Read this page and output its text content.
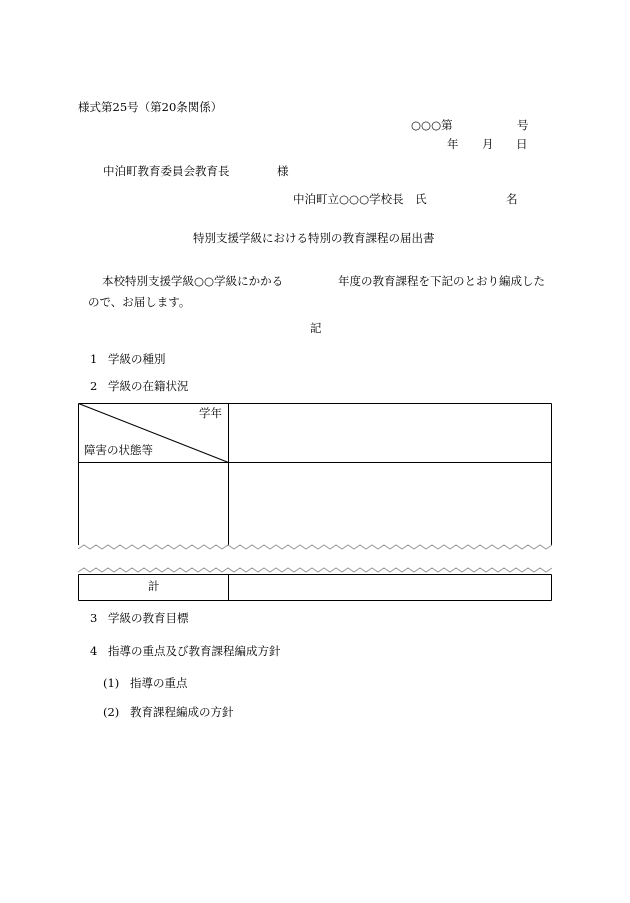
様式第25号（第20条関係）
○○○第	号
年 月 日
中泊町教育委員会教育長	様
中泊町立○○○学校長　氏	名
特別支援学級における特別の教育課程の届出書
本校特別支援学級○○学級にかかる	年度の教育課程を下記のとおり編成した
ので、お届します。
記
1 学級の種別
2 学級の在籍状況
学年
障害の状態等
計
3 学級の教育目標
4 指導の重点及び教育課程編成方針
(1) 指導の重点
(2) 教育課程編成の方針
